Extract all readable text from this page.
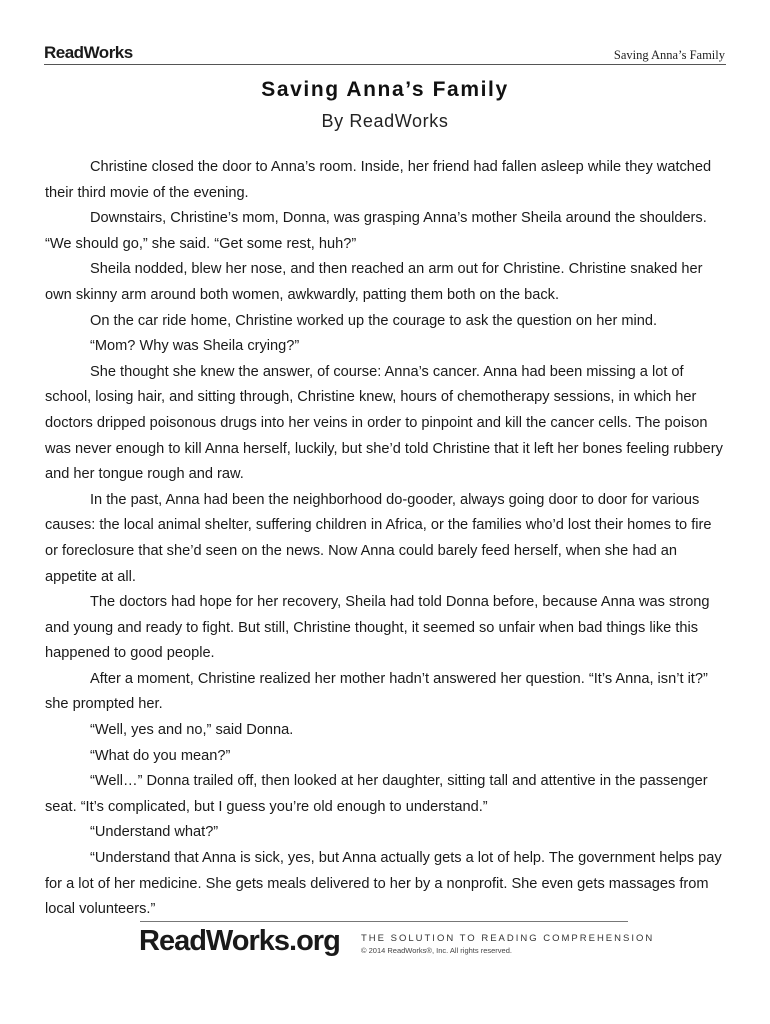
ReadWorks	Saving Anna’s Family
Saving Anna’s Family
By ReadWorks

Christine closed the door to Anna’s room. Inside, her friend had fallen asleep while they watched their third movie of the evening.

Downstairs, Christine’s mom, Donna, was grasping Anna’s mother Sheila around the shoulders. “We should go,” she said. “Get some rest, huh?”

Sheila nodded, blew her nose, and then reached an arm out for Christine. Christine snaked her own skinny arm around both women, awkwardly, patting them both on the back.

On the car ride home, Christine worked up the courage to ask the question on her mind.

“Mom? Why was Sheila crying?”

She thought she knew the answer, of course: Anna’s cancer. Anna had been missing a lot of school, losing hair, and sitting through, Christine knew, hours of chemotherapy sessions, in which her doctors dripped poisonous drugs into her veins in order to pinpoint and kill the cancer cells. The poison was never enough to kill Anna herself, luckily, but she’d told Christine that it left her bones feeling rubbery and her tongue rough and raw.

In the past, Anna had been the neighborhood do-gooder, always going door to door for various causes: the local animal shelter, suffering children in Africa, or the families who’d lost their homes to fire or foreclosure that she’d seen on the news. Now Anna could barely feed herself, when she had an appetite at all.

The doctors had hope for her recovery, Sheila had told Donna before, because Anna was strong and young and ready to fight. But still, Christine thought, it seemed so unfair when bad things like this happened to good people.

After a moment, Christine realized her mother hadn’t answered her question. “It’s Anna, isn’t it?” she prompted her.

“Well, yes and no,” said Donna.

“What do you mean?”

“Well…” Donna trailed off, then looked at her daughter, sitting tall and attentive in the passenger seat. “It’s complicated, but I guess you’re old enough to understand.”

“Understand what?”

“Understand that Anna is sick, yes, but Anna actually gets a lot of help. The government helps pay for a lot of her medicine. She gets meals delivered to her by a nonprofit. She even gets massages from local volunteers.”

ReadWorks.org THE SOLUTION TO READING COMPREHENSION
© 2014 ReadWorks®, Inc. All rights reserved.
